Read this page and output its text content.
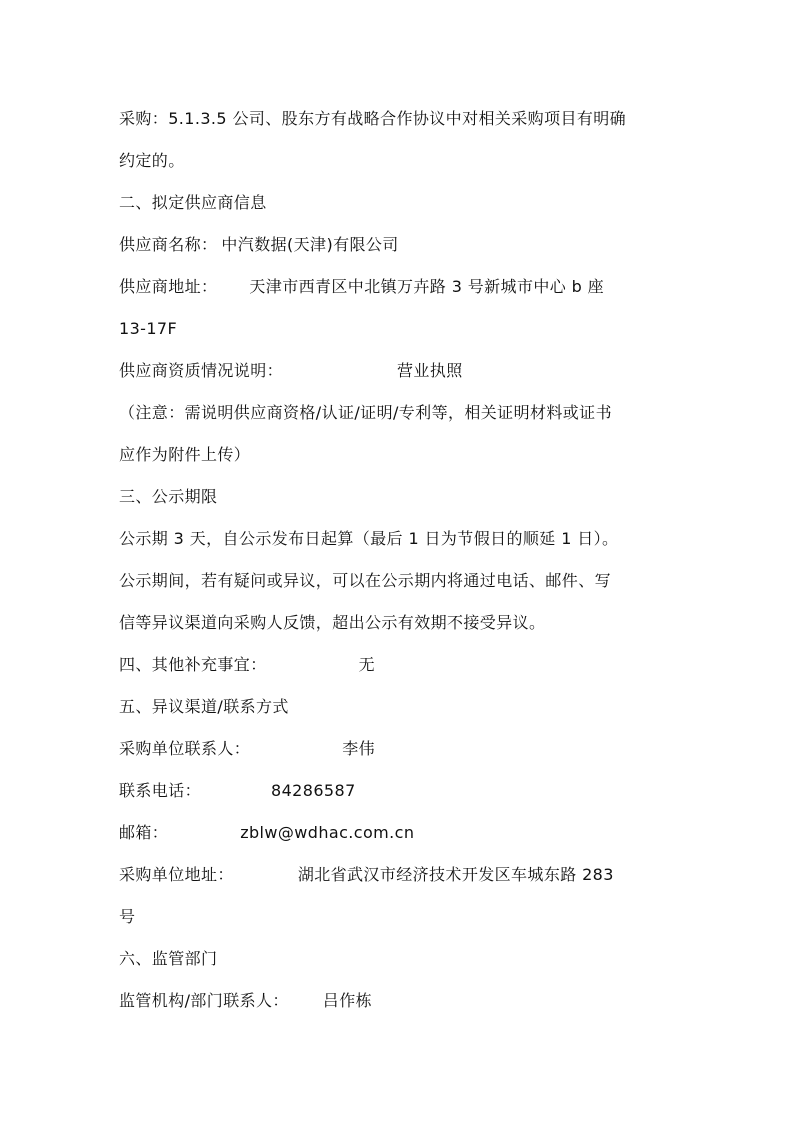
采购：5.1.3.5 公司、股东方有战略合作协议中对相关采购项目有明确
约定的。
二、拟定供应商信息
供应商名称： 中汽数据(天津)有限公司
供应商地址： 天津市西青区中北镇万卉路 3 号新城市中心 b 座
13-17F
供应商资质情况说明：	营业执照
（注意：需说明供应商资格/认证/证明/专利等，相关证明材料或证书
应作为附件上传）
三、公示期限
公示期 3 天，自公示发布日起算（最后 1 日为节假日的顺延 1 日）。
公示期间，若有疑问或异议，可以在公示期内将通过电话、邮件、写
信等异议渠道向采购人反馈，超出公示有效期不接受异议。
四、其他补充事宜：	无
五、异议渠道/联系方式
采购单位联系人：	李伟
联系电话：	84286587
邮箱：	zblw@wdhac.com.cn
采购单位地址：	湖北省武汉市经济技术开发区车城东路 283
号
六、监管部门
监管机构/部门联系人： 吕作栋
